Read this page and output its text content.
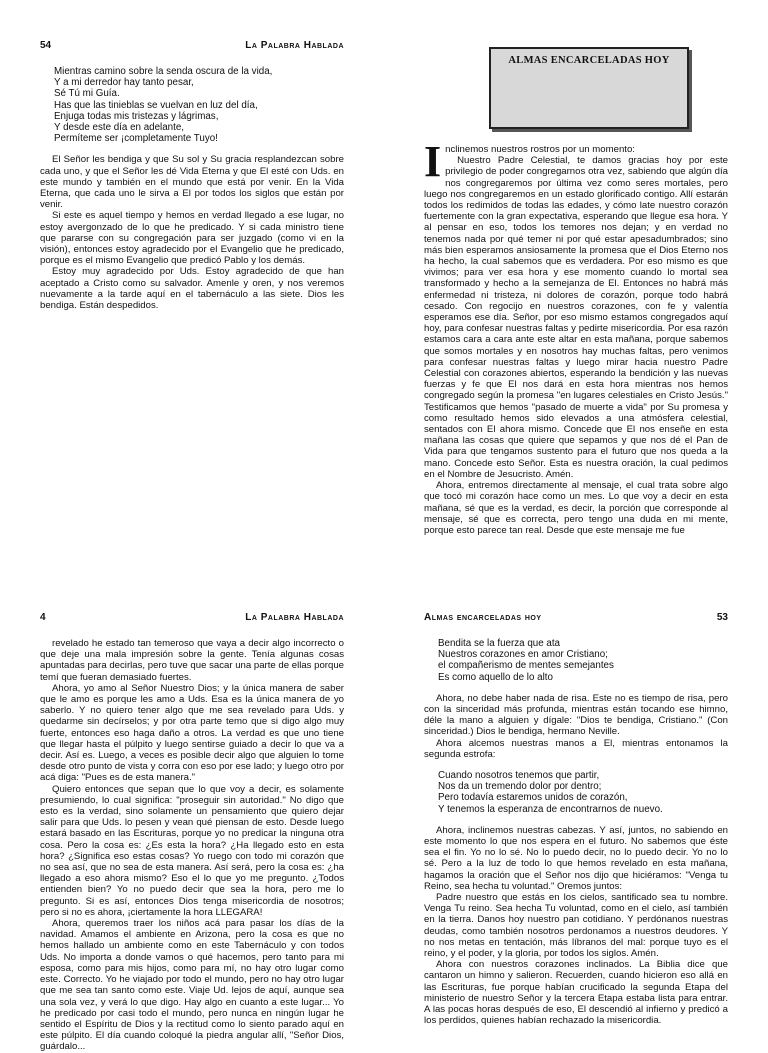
54	La Palabra Hablada
Mientras camino sobre la senda oscura de la vida,
Y a mi derredor hay tanto pesar,
Sé Tú mi Guía.
Has que las tinieblas se vuelvan en luz del día,
Enjuga todas mis tristezas y lágrimas,
Y desde este día en adelante,
Permíteme ser ¡completamente Tuyo!

El Señor les bendiga y que Su sol y Su gracia resplandezcan sobre cada uno, y que el Señor les dé Vida Eterna y que El esté con Uds. en este mundo y también en el mundo que está por venir. En la Vida Eterna, que cada uno le sirva a El por todos los siglos que están por venir.

Si este es aquel tiempo y hemos en verdad llegado a ese lugar, no estoy avergonzado de lo que he predicado. Y si cada ministro tiene que pararse con su congregación para ser juzgado (como vi en la visión), entonces estoy agradecido por el Evangelio que he predicado, porque es el mismo Evangelio que predicó Pablo y los demás.

Estoy muy agradecido por Uds. Estoy agradecido de que han aceptado a Cristo como su salvador. Amenle y oren, y nos veremos nuevamente a la tarde aquí en el tabernáculo a las siete. Dios les bendiga. Están despedidos.

ALMAS ENCARCELADAS HOY

Inclinemos nuestros rostros por un momento:

Nuestro Padre Celestial, te damos gracias hoy por este privilegio de poder congregarnos otra vez, sabiendo que algún día nos congregaremos por última vez como seres mortales, pero luego nos congregaremos en un estado glorificado contigo. Allí estarán todos los redimidos de todas las edades, y cómo late nuestro corazón fuertemente con la gran expectativa, esperando que llegue esa hora. Y al pensar en eso, todos los temores nos dejan; y en verdad no tenemos nada por qué temer ni por qué estar apesadumbrados; sino más bien esperamos ansiosamente la promesa que el Dios Eterno nos ha hecho, la cual sabemos que es verdadera. Por eso mismo es que vivimos; para ver esa hora y ese momento cuando lo mortal sea transformado y hecho a la semejanza de El. Entonces no habrá más enfermedad ni tristeza, ni dolores de corazón, porque todo habrá cesado. Con regocijo en nuestros corazones, con fe y valentía esperamos ese día. Señor, por eso mismo estamos congregados aquí hoy, para confesar nuestras faltas y pedirte misericordia. Por esa razón estamos cara a cara ante este altar en esta mañana, porque sabemos que somos mortales y en nosotros hay muchas faltas, pero venimos para confesar nuestras faltas y luego mirar hacia nuestro Padre Celestial con corazones abiertos, esperando la bendición y las nuevas fuerzas y fe que El nos dará en esta hora mientras nos hemos congregado según la promesa "en lugares celestiales en Cristo Jesús." Testificamos que hemos "pasado de muerte a vida" por Su promesa y como resultado hemos sido elevados a una atmósfera celestial, sentados con El ahora mismo. Concede que El nos enseñe en esta mañana las cosas que quiere que sepamos y que nos dé el Pan de Vida para que tengamos sustento para el futuro que nos queda a la mano. Concede esto Señor. Esta es nuestra oración, la cual pedimos en el Nombre de Jesucristo. Amén.

Ahora, entremos directamente al mensaje, el cual trata sobre algo que tocó mi corazón hace como un mes. Lo que voy a decir en esta mañana, sé que es la verdad, es decir, la porción que corresponde al mensaje, sé que es correcta, pero tengo una duda en mi mente, porque esto parece tan real. Desde que este mensaje me fue

4	La Palabra Hablada

revelado he estado tan temeroso que vaya a decir algo incorrecto o que deje una mala impresión sobre la gente. Tenía algunas cosas apuntadas para decirlas, pero tuve que sacar una parte de ellas porque temí que fueran demasiado fuertes.

Ahora, yo amo al Señor Nuestro Dios; y la única manera de saber que le amo es porque les amo a Uds. Esa es la única manera de yo saberlo. Y no quiero tener algo que me sea revelado para Uds. y quedarme sin decírselos; y por otra parte temo que si digo algo muy fuerte, entonces eso haga daño a otros. La verdad es que uno tiene que llegar hasta el púlpito y luego sentirse guiado a decir lo que va a decir. Así es. Luego, a veces es posible decir algo que alguien lo tome desde otro punto de vista y corra con eso por ese lado; y luego otro por acá diga: "Pues es de esta manera."

Quiero entonces que sepan que lo que voy a decir, es solamente presumiendo, lo cual significa: "proseguir sin autoridad." No digo que esto es la verdad, sino solamente un pensamiento que quiero dejar salir para que Uds. lo pesen y vean qué piensan de esto. Desde luego estará basado en las Escrituras, porque yo no predicar la ninguna otra cosa. Pero la cosa es: ¿Es esta la hora? ¿Ha llegado esto en esta hora? ¿Significa eso estas cosas? Yo ruego con todo mi corazón que no sea así, que no sea de esta manera. Así será, pero la cosa es: ¿ha llegado a eso ahora mismo? Eso el lo que yo me pregunto. ¿Todos entienden bien? Yo no puedo decir que sea la hora, pero me lo pregunto. Si es así, entonces Dios tenga misericordia de nosotros; pero si no es ahora, ¡ciertamente la hora LLEGARA!

Ahora, queremos traer los niños acá para pasar los días de la navidad. Amamos el ambiente en Arizona, pero la cosa es que no hemos hallado un ambiente como en este Tabernáculo y con todos Uds. No importa a donde vamos o qué hacemos, pero tanto para mi esposa, como para mis hijos, como para mí, no hay otro lugar como este. Correcto. Yo he viajado por todo el mundo, pero no hay otro lugar que me sea tan santo como este. Viaje Ud. lejos de aquí, aunque sea una sola vez, y verá lo que digo. Hay algo en cuanto a este lugar... Yo he predicado por casi todo el mundo, pero nunca en ningún lugar he sentido el Espíritu de Dios y la rectitud como lo siento parado aquí en este púlpito. El día cuando coloqué la piedra angular allí, "Señor Dios, guárdalo...

Almas encarceladas hoy	53
Bendita se la fuerza que ata
Nuestros corazones en amor Cristiano;
el compañerismo de mentes semejantes
Es como aquello de lo alto

Ahora, no debe haber nada de risa. Este no es tiempo de risa, pero con la sinceridad más profunda, mientras están tocando ese himno, déle la mano a alguien y dígale: "Dios te bendiga, Cristiano." (Con sinceridad.) Dios le bendiga, hermano Neville.

Ahora alcemos nuestras manos a El, mientras entonamos la segunda estrofa:

Cuando nosotros tenemos que partir,
Nos da un tremendo dolor por dentro;
Pero todavía estaremos unidos de corazón,
Y tenemos la esperanza de encontrarnos de nuevo.

Ahora, inclinemos nuestras cabezas. Y así, juntos, no sabiendo en este momento lo que nos espera en el futuro. No sabemos que éste sea el fin. Yo no lo sé. No lo puedo decir, no lo puedo decir. Yo no lo sé. Pero a la luz de todo lo que hemos revelado en esta mañana, hagamos la oración que el Señor nos dijo que hiciéramos: "Venga tu Reino, sea hecha tu voluntad." Oremos juntos:

Padre nuestro que estás en los cielos, santificado sea tu nombre. Venga Tu reino. Sea hecha Tu voluntad, como en el cielo, así también en la tierra. Danos hoy nuestro pan cotidiano. Y perdónanos nuestras deudas, como también nosotros perdonamos a nuestros deudores. Y no nos metas en tentación, más líbranos del mal: porque tuyo es el reino, y el poder, y la gloria, por todos los siglos. Amén.

Ahora con nuestros corazones inclinados. La Biblia dice que cantaron un himno y salieron. Recuerden, cuando hicieron eso allá en las Escrituras, fue porque habían crucificado la segunda Etapa del ministerio de nuestro Señor y la tercera Etapa estaba lista para entrar. A las pocas horas después de eso, El descendió al infierno y predicó a los perdidos, quienes habían rechazado la misericordia.
